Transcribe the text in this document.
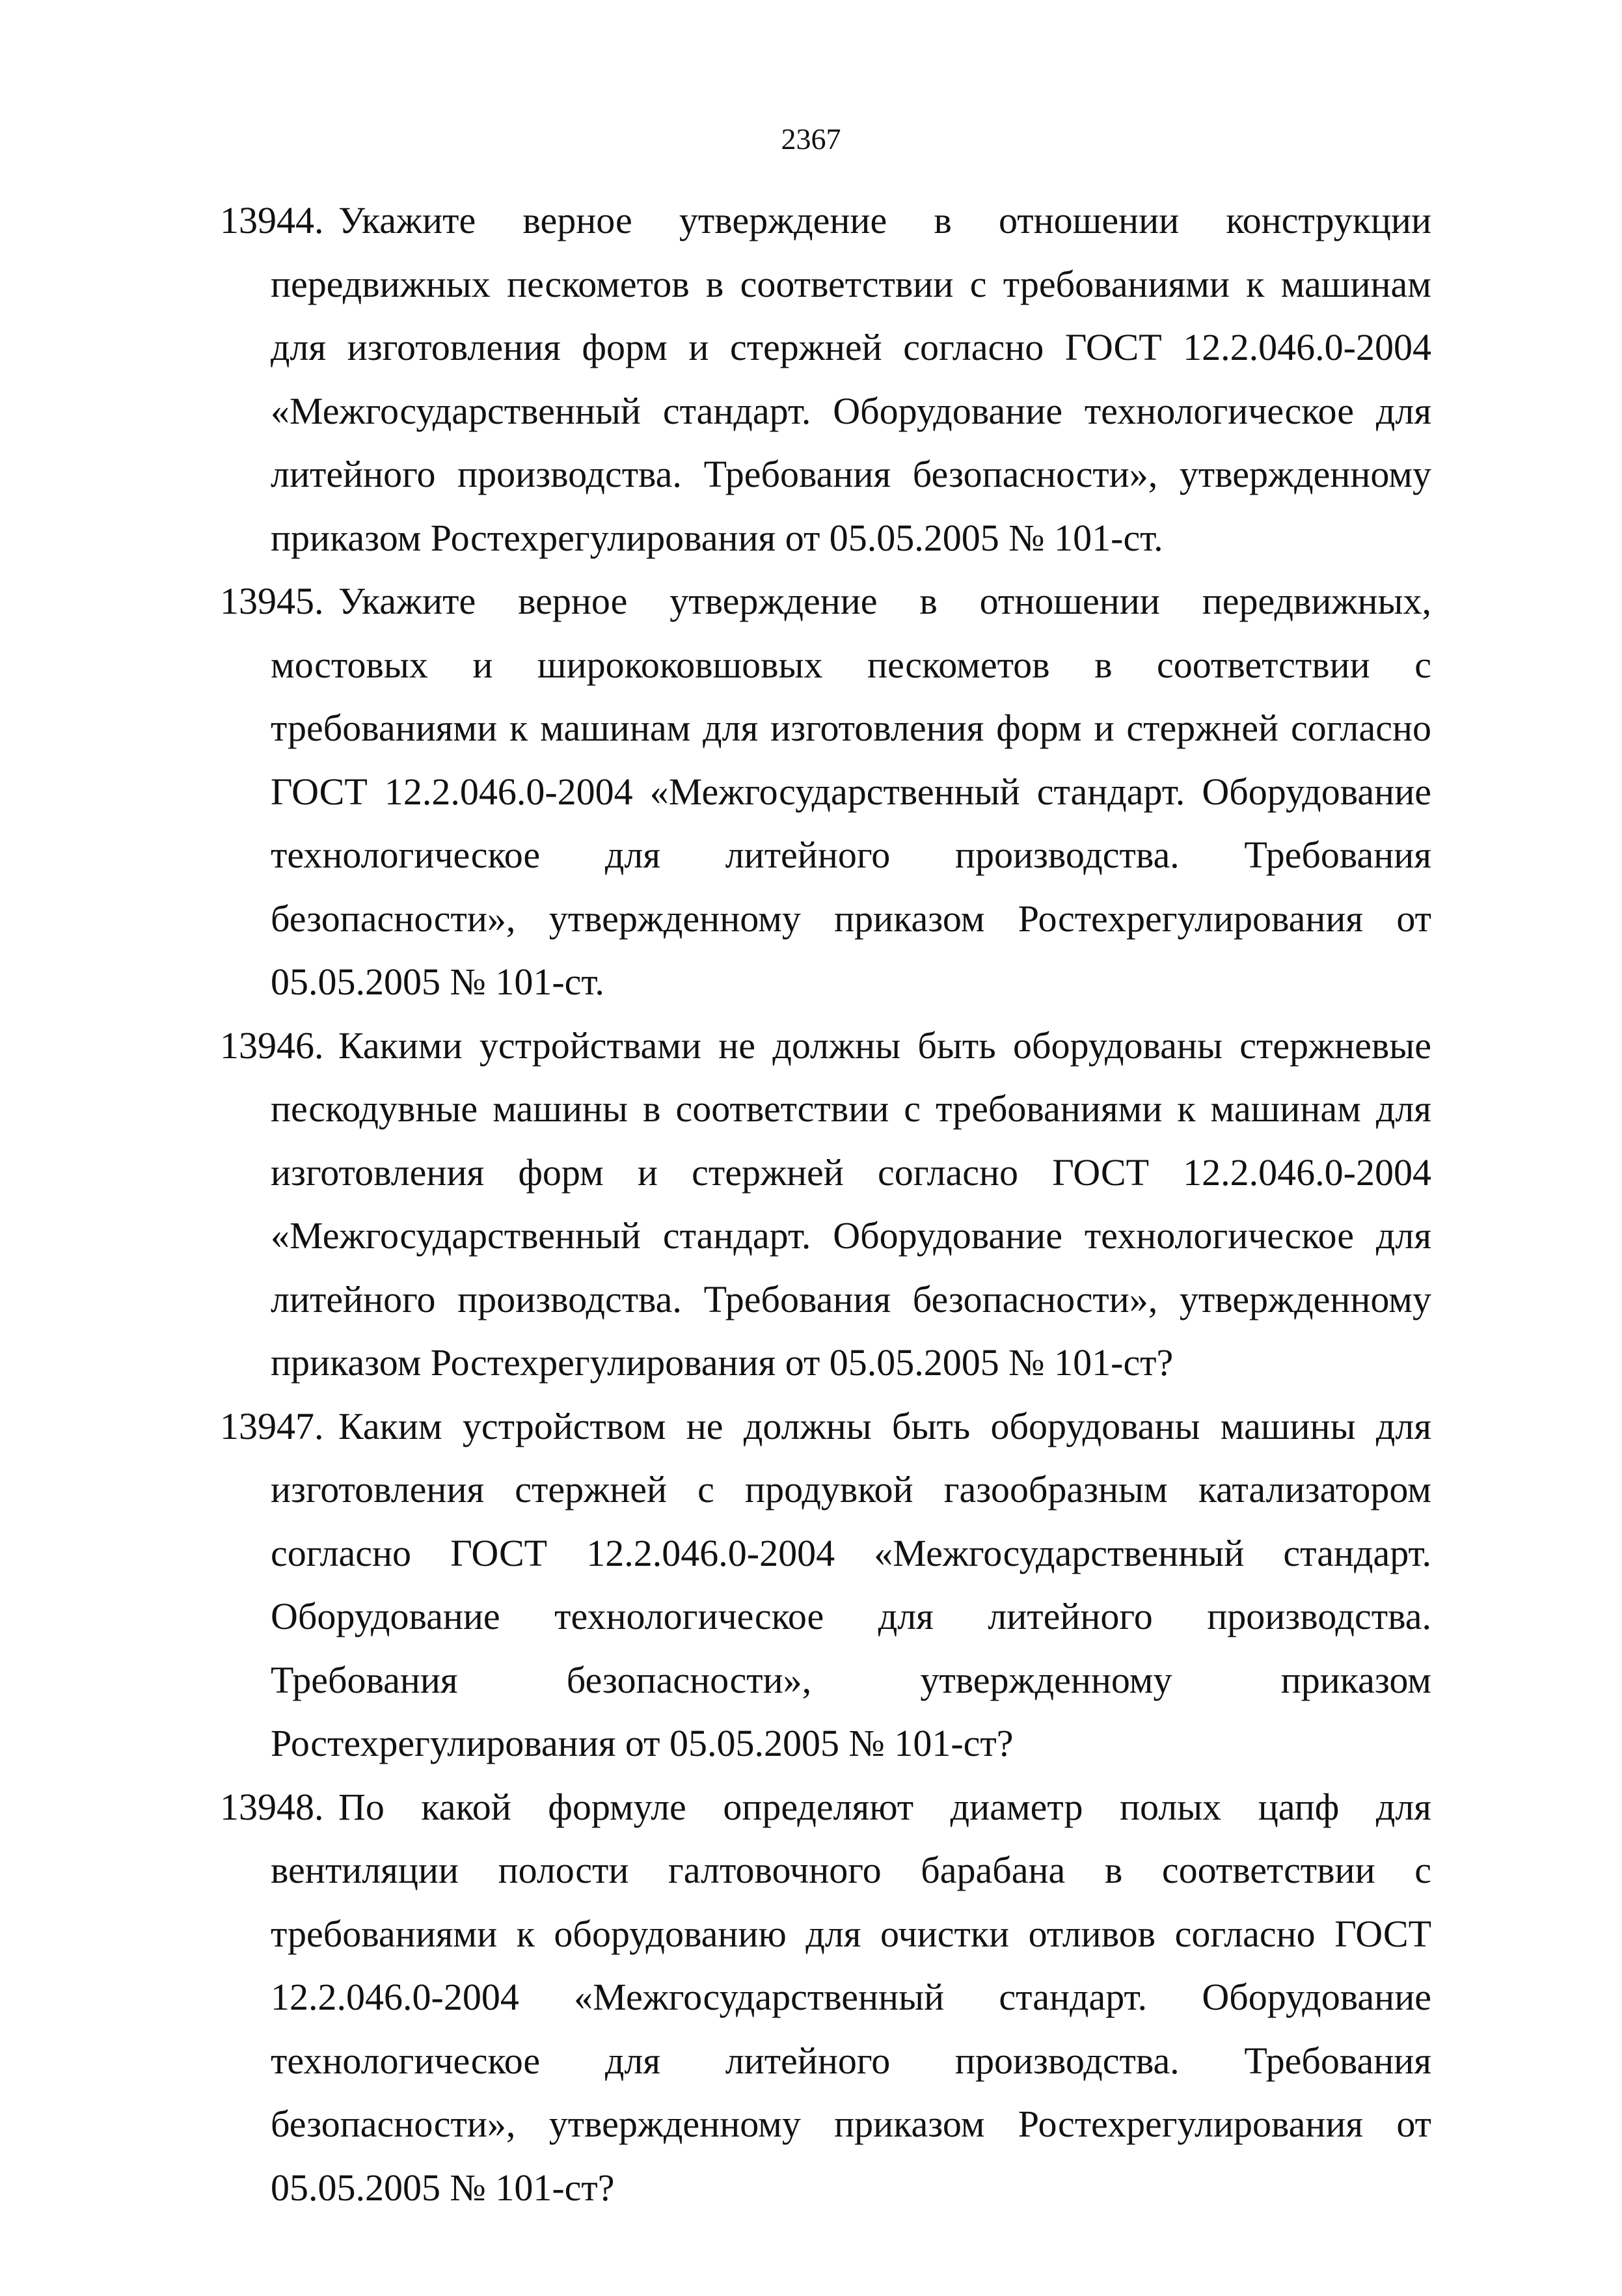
2367
13944. Укажите верное утверждение в отношении конструкции передвижных пескометов в соответствии с требованиями к машинам для изготовления форм и стержней согласно ГОСТ 12.2.046.0-2004 «Межгосударственный стандарт. Оборудование технологическое для литейного производства. Требования безопасности», утвержденному приказом Ростехрегулирования от 05.05.2005 № 101-ст.
13945. Укажите верное утверждение в отношении передвижных, мостовых и ширококовшовых пескометов в соответствии с требованиями к машинам для изготовления форм и стержней согласно ГОСТ 12.2.046.0-2004 «Межгосударственный стандарт. Оборудование технологическое для литейного производства. Требования безопасности», утвержденному приказом Ростехрегулирования от 05.05.2005 № 101-ст.
13946. Какими устройствами не должны быть оборудованы стержневые пескодувные машины в соответствии с требованиями к машинам для изготовления форм и стержней согласно ГОСТ 12.2.046.0-2004 «Межгосударственный стандарт. Оборудование технологическое для литейного производства. Требования безопасности», утвержденному приказом Ростехрегулирования от 05.05.2005 № 101-ст?
13947. Каким устройством не должны быть оборудованы машины для изготовления стержней с продувкой газообразным катализатором согласно ГОСТ 12.2.046.0-2004 «Межгосударственный стандарт. Оборудование технологическое для литейного производства. Требования безопасности», утвержденному приказом Ростехрегулирования от 05.05.2005 № 101-ст?
13948. По какой формуле определяют диаметр полых цапф для вентиляции полости галтовочного барабана в соответствии с требованиями к оборудованию для очистки отливов согласно ГОСТ 12.2.046.0-2004 «Межгосударственный стандарт. Оборудование технологическое для литейного производства. Требования безопасности», утвержденному приказом Ростехрегулирования от 05.05.2005 № 101-ст?
